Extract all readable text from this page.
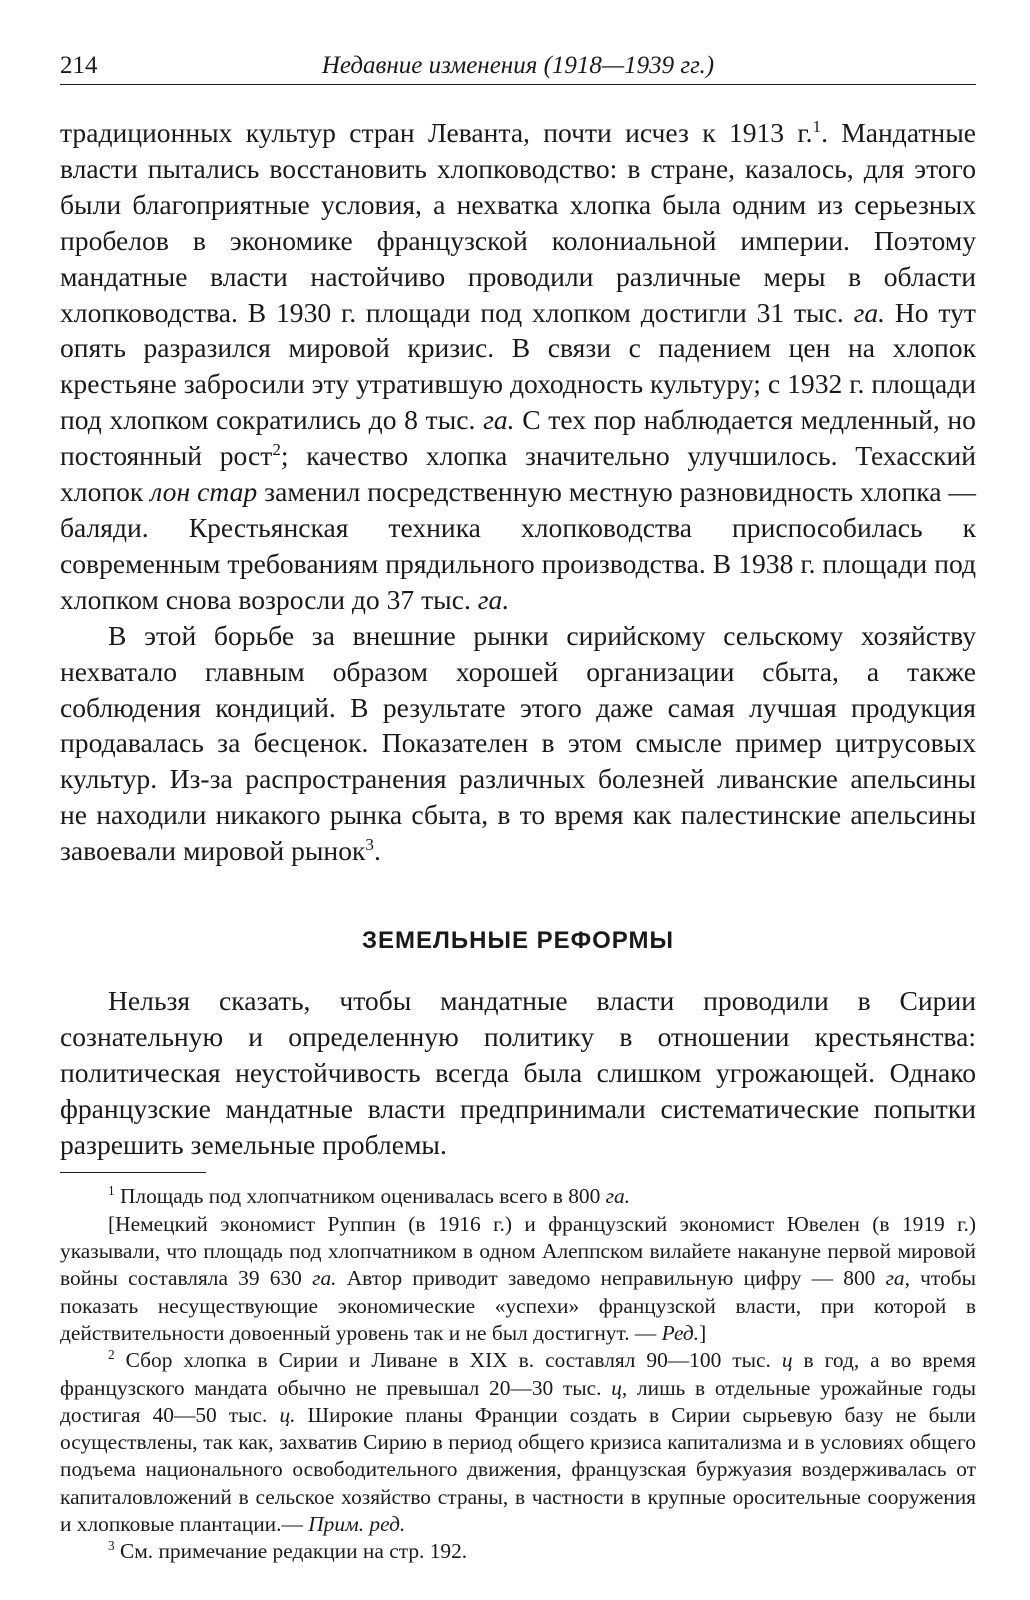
214	Недавние изменения (1918—1939 гг.)

традиционных культур стран Леванта, почти исчез к 1913 г.$^1$. Мандатные власти пытались восстановить хлопководство: в стране, казалось, для этого были благоприятные условия, а нехватка хлопка была одним из серьезных пробелов в экономике французской колониальной империи. Поэтому мандатные власти настойчиво проводили различные меры в области хлопководства. В 1930 г. площади под хлопком достигли 31 тыс. га. Но тут опять разразился мировой кризис. В связи с падением цен на хлопок крестьяне забросили эту утратившую доходность культуру; с 1932 г. площади под хлопком сократились до 8 тыс. га. С тех пор наблюдается медленный, но постоянный рост$^2$; качество хлопка значительно улучшилось. Техасский хлопок лон стар заменил посредственную местную разновидность хлопка — баляди. Крестьянская техника хлопководства приспособилась к современным требованиям прядильного производства. В 1938 г. площади под хлопком снова возросли до 37 тыс. га.

В этой борьбе за внешние рынки сирийскому сельскому хозяйству нехватало главным образом хорошей организации сбыта, а также соблюдения кондиций. В результате этого даже самая лучшая продукция продавалась за бесценок. Показателен в этом смысле пример цитрусовых культур. Из-за распространения различных болезней ливанские апельсины не находили никакого рынка сбыта, в то время как палестинские апельсины завоевали мировой рынок$^3$.

ЗЕМЕЛЬНЫЕ РЕФОРМЫ

Нельзя сказать, чтобы мандатные власти проводили в Сирии сознательную и определенную политику в отношении крестьянства: политическая неустойчивость всегда была слишком угрожающей. Однако французские мандатные власти предпринимали систематические попытки разрешить земельные проблемы.

$^1$ Площадь под хлопчатником оценивалась всего в 800 га.

[Немецкий экономист Руппин (в 1916 г.) и французский экономист Ювелен (в 1919 г.) указывали, что площадь под хлопчатником в одном Алеппском вилайете накануне первой мировой войны составляла 39 630 га. Автор приводит заведомо неправильную цифру — 800 га, чтобы показать несуществующие экономические «успехи» французской власти, при которой в действительности довоенный уровень так и не был достигнут. — Ред.]

$^2$ Сбор хлопка в Сирии и Ливане в XIX в. составлял 90—100 тыс. ц в год, а во время французского мандата обычно не превышал 20—30 тыс. ц, лишь в отдельные урожайные годы достигая 40—50 тыс. ц. Широкие планы Франции создать в Сирии сырьевую базу не были осуществлены, так как, захватив Сирию в период общего кризиса капитализма и в условиях общего подъема национального освободительного движения, французская буржуазия воздерживалась от капиталовложений в сельское хозяйство страны, в частности в крупные оросительные сооружения и хлопковые плантации.— Прим. ред.

$^3$ См. примечание редакции на стр. 192.
